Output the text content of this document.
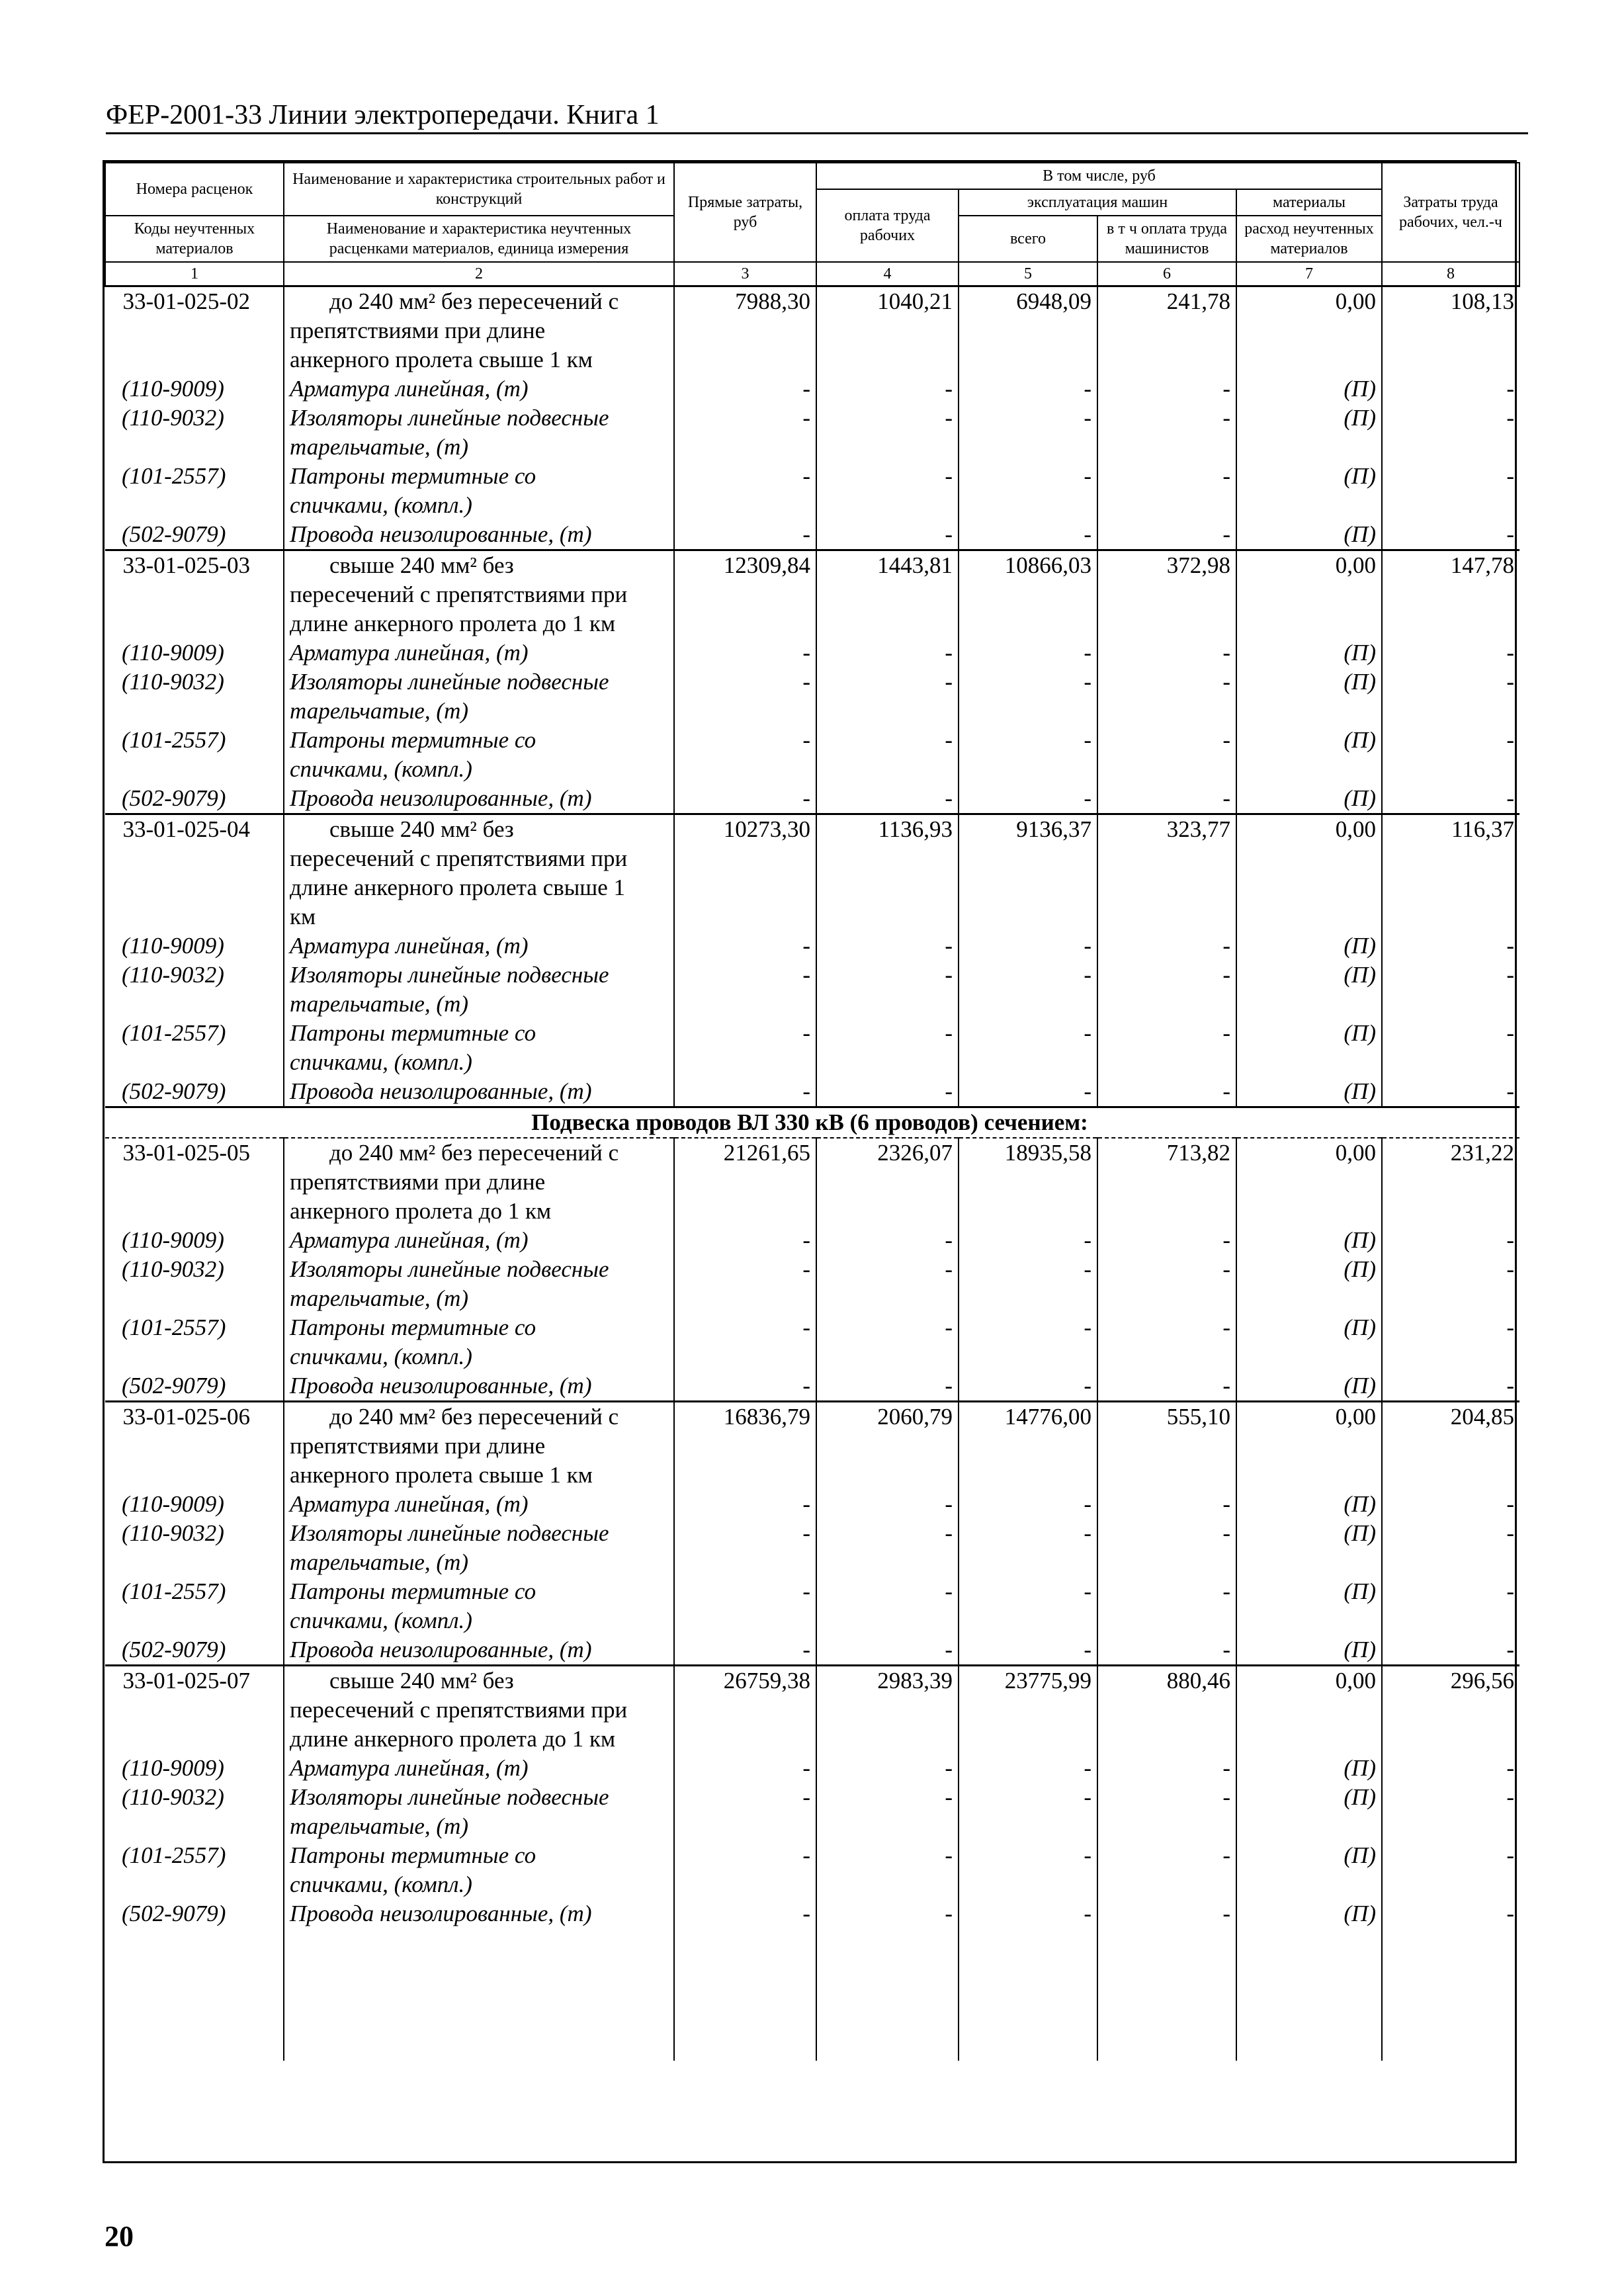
ФЕР-2001-33 Линии электропередачи. Книга 1
Номера расценок	Наименование и характеристика строительных работ и конструкций	Прямые затраты, руб	В том числе, руб				Затраты труда рабочих, чел.-ч
			оплата труда рабочих	эксплуатация машин		материалы	
Коды неучтенных материалов	Наименование и характеристика неучтенных расценками материалов, единица измерения			всего	в т ч оплата труда машинистов	расход неучтенных материалов	

1	2	3	4	5	6	7	8
33-01-025-02	до 240 мм² без пересечений с	7988,30	1040,21	6948,09	241,78	0,00	108,13
	препятствиями при длине						
	анкерного пролета свыше 1 км						
(110-9009)	Арматура линейная, (т)	-	-	-	-	(П)	-
(110-9032)	Изоляторы линейные подвесные	-	-	-	-	(П)	-
	тарельчатые, (т)						
(101-2557)	Патроны термитные со	-	-	-	-	(П)	-
	спичками, (компл.)						
(502-9079)	Провода неизолированные, (т)	-	-	-	-	(П)	-
33-01-025-03	свыше 240 мм² без	12309,84	1443,81	10866,03	372,98	0,00	147,78
	пересечений с препятствиями при						
	длине анкерного пролета до 1 км						
(110-9009)	Арматура линейная, (т)	-	-	-	-	(П)	-
(110-9032)	Изоляторы линейные подвесные	-	-	-	-	(П)	-
	тарельчатые, (т)						
(101-2557)	Патроны термитные со	-	-	-	-	(П)	-
	спичками, (компл.)						
(502-9079)	Провода неизолированные, (т)	-	-	-	-	(П)	-
33-01-025-04	свыше 240 мм² без	10273,30	1136,93	9136,37	323,77	0,00	116,37
	пересечений с препятствиями при						
	длине анкерного пролета свыше 1						
	км						
(110-9009)	Арматура линейная, (т)	-	-	-	-	(П)	-
(110-9032)	Изоляторы линейные подвесные	-	-	-	-	(П)	-
	тарельчатые, (т)						
(101-2557)	Патроны термитные со	-	-	-	-	(П)	-
	спичками, (компл.)						
(502-9079)	Провода неизолированные, (т)	-	-	-	-	(П)	-
Подвеска проводов ВЛ 330 кВ (6 проводов) сечением:							
33-01-025-05	до 240 мм² без пересечений с	21261,65	2326,07	18935,58	713,82	0,00	231,22
	препятствиями при длине						
	анкерного пролета до 1 км						
(110-9009)	Арматура линейная, (т)	-	-	-	-	(П)	-
(110-9032)	Изоляторы линейные подвесные	-	-	-	-	(П)	-
	тарельчатые, (т)						
(101-2557)	Патроны термитные со	-	-	-	-	(П)	-
	спичками, (компл.)						
(502-9079)	Провода неизолированные, (т)	-	-	-	-	(П)	-
33-01-025-06	до 240 мм² без пересечений с	16836,79	2060,79	14776,00	555,10	0,00	204,85
	препятствиями при длине						
	анкерного пролета свыше 1 км						
(110-9009)	Арматура линейная, (т)	-	-	-	-	(П)	-
(110-9032)	Изоляторы линейные подвесные	-	-	-	-	(П)	-
	тарельчатые, (т)						
(101-2557)	Патроны термитные со	-	-	-	-	(П)	-
	спичками, (компл.)						
(502-9079)	Провода неизолированные, (т)	-	-	-	-	(П)	-
33-01-025-07	свыше 240 мм² без	26759,38	2983,39	23775,99	880,46	0,00	296,56
	пересечений с препятствиями при						
	длине анкерного пролета до 1 км						
(110-9009)	Арматура линейная, (т)	-	-	-	-	(П)	-
(110-9032)	Изоляторы линейные подвесные	-	-	-	-	(П)	-
	тарельчатые, (т)						
(101-2557)	Патроны термитные со	-	-	-	-	(П)	-
	спичками, (компл.)						
(502-9079)	Провода неизолированные, (т)	-	-	-	-	(П)	-

20
